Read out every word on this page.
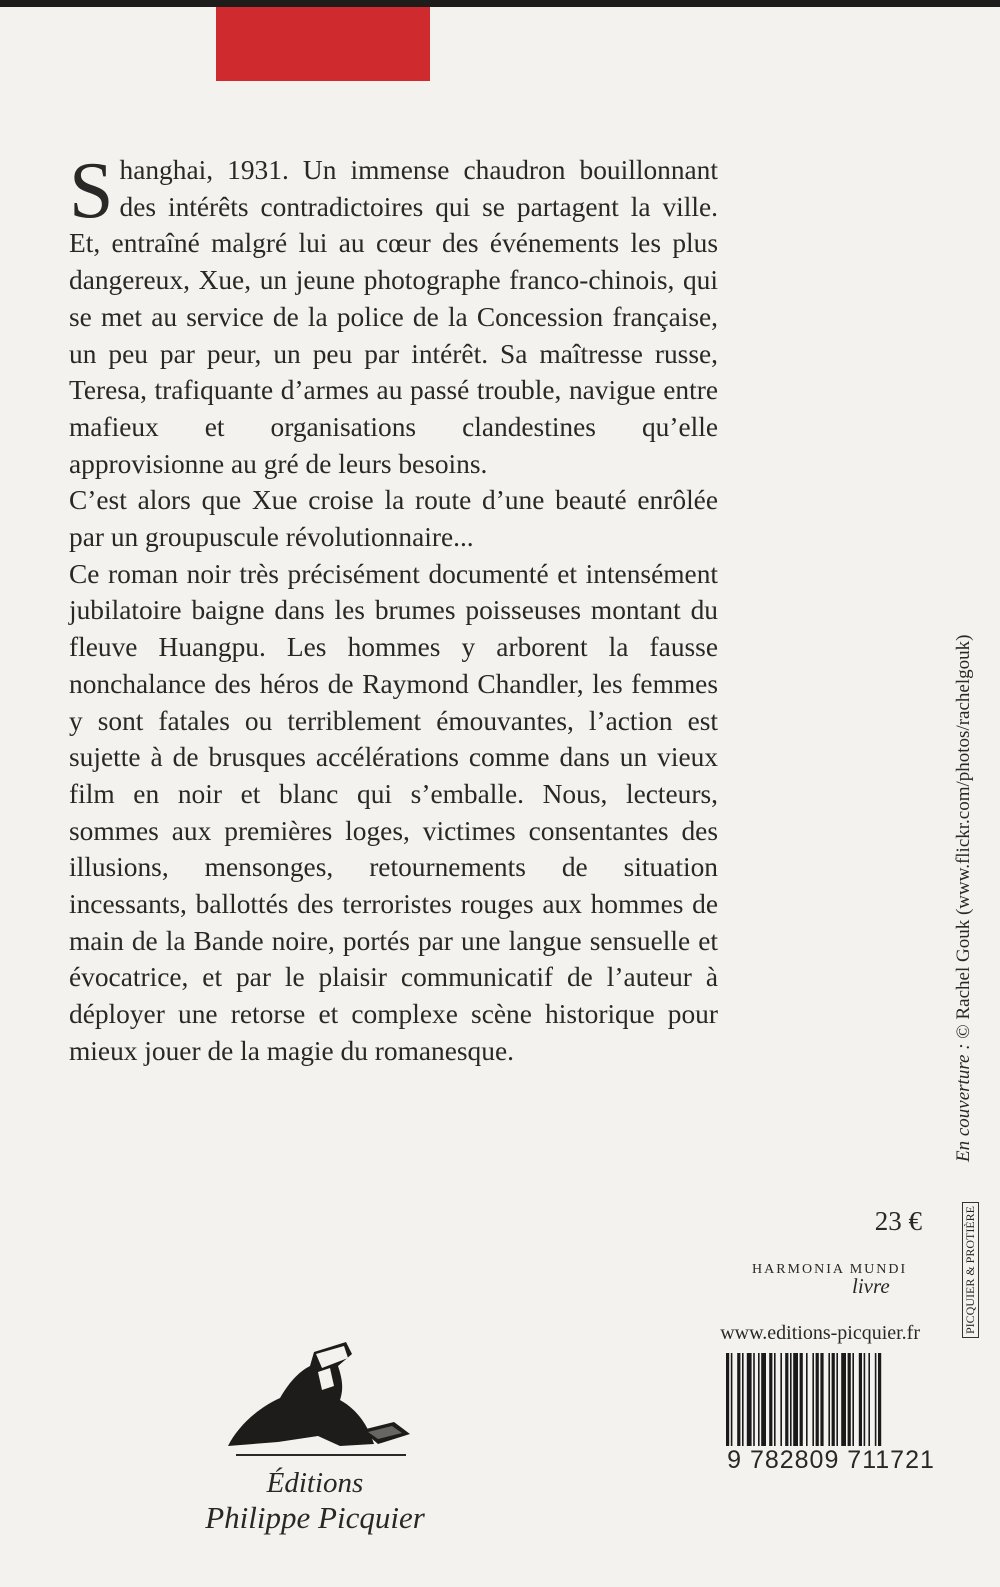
Shanghai, 1931. Un immense chaudron bouillonnant des intérêts contradictoires qui se partagent la ville. Et, entraîné malgré lui au cœur des événements les plus dangereux, Xue, un jeune photographe franco-chinois, qui se met au service de la police de la Concession française, un peu par peur, un peu par intérêt. Sa maîtresse russe, Teresa, trafiquante d’armes au passé trouble, navigue entre mafieux et organisations clandestines qu’elle approvisionne au gré de leurs besoins.

C’est alors que Xue croise la route d’une beauté enrôlée par un groupuscule révolutionnaire...

Ce roman noir très précisément documenté et intensément jubilatoire baigne dans les brumes poisseuses montant du fleuve Huangpu. Les hommes y arborent la fausse nonchalance des héros de Raymond Chandler, les femmes y sont fatales ou terriblement émouvantes, l’action est sujette à de brusques accélérations comme dans un vieux film en noir et blanc qui s’emballe. Nous, lecteurs, sommes aux premières loges, victimes consentantes des illusions, mensonges, retournements de situation incessants, ballottés des terroristes rouges aux hommes de main de la Bande noire, portés par une langue sensuelle et évocatrice, et par le plaisir communicatif de l’auteur à déployer une retorse et complexe scène historique pour mieux jouer de la magie du romanesque.	En couverture : © Rachel Gouk (www.flickr.com/photos/rachelgouk)
23 €
HARMONIA MUNDI
livre	PICQUIER & PROTIÈRE
www.editions-picquier.fr
9 782809 711721
Éditions
Philippe Picquier
